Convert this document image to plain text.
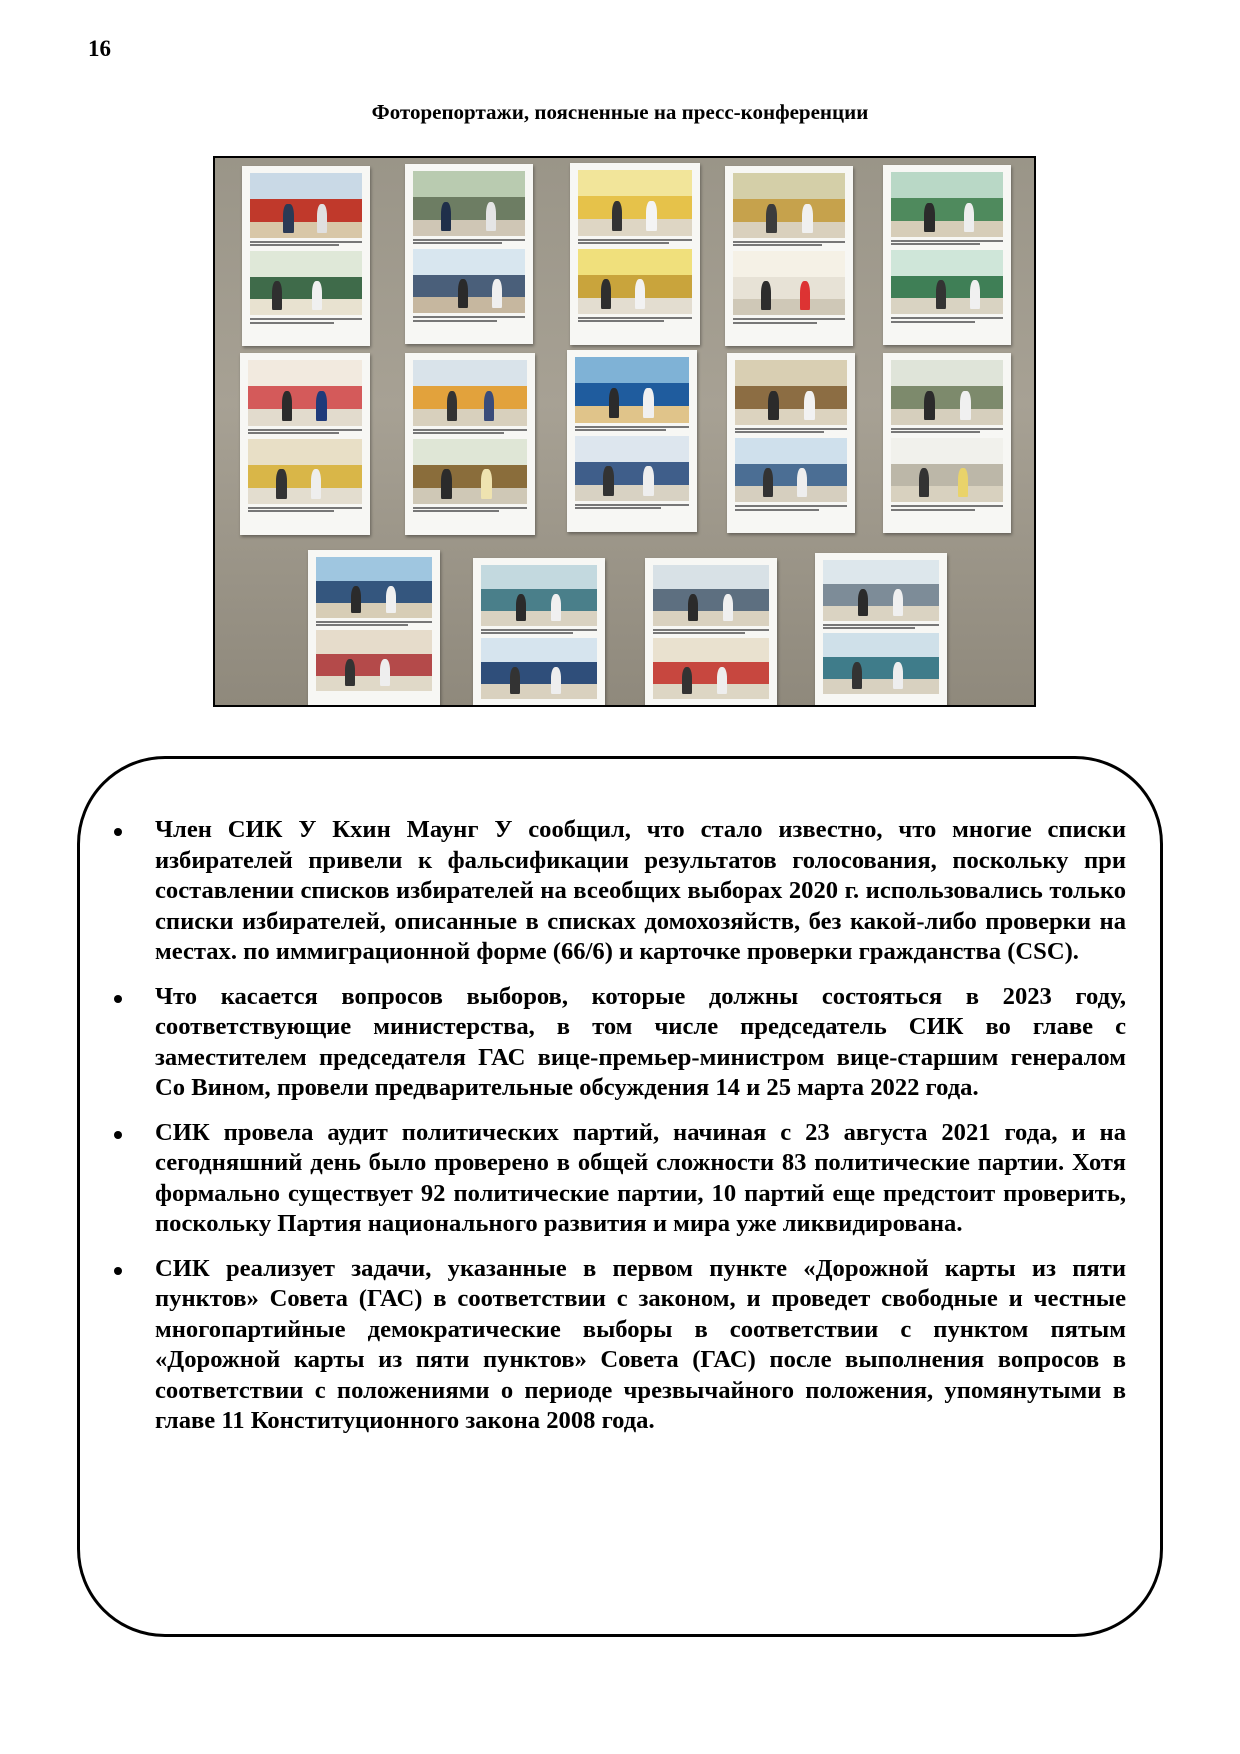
16
Фоторепортажи, поясненные на пресс-конференции
Член СИК У Кхин Маунг У сообщил, что стало известно, что многие списки избирателей привели к фальсификации результатов голосования, поскольку при составлении списков избирателей на всеобщих выборах 2020 г. использовались только списки избирателей, описанные в списках домохозяйств, без какой-либо проверки на местах. по иммиграционной форме (66/6) и карточке проверки гражданства (CSC).
Что касается вопросов выборов, которые должны состояться в 2023 году, соответствующие министерства, в том числе председатель СИК во главе с заместителем председателя ГАС вице-премьер-министром вице-старшим генералом Со Вином, провели предварительные обсуждения 14 и 25 марта 2022 года.
СИК провела аудит политических партий, начиная с 23 августа 2021 года, и на сегодняшний день было проверено в общей сложности 83 политические партии. Хотя формально существует 92 политические партии, 10 партий еще предстоит проверить, поскольку Партия национального развития и мира уже ликвидирована.
СИК реализует задачи, указанные в первом пункте «Дорожной карты из пяти пунктов» Совета (ГАС) в соответствии с законом, и проведет свободные и честные многопартийные демократические выборы в соответствии с пунктом пятым «Дорожной карты из пяти пунктов» Совета (ГАС) после выполнения вопросов в соответствии с положениями о периоде чрезвычайного положения, упомянутыми в главе 11 Конституционного закона 2008 года.
